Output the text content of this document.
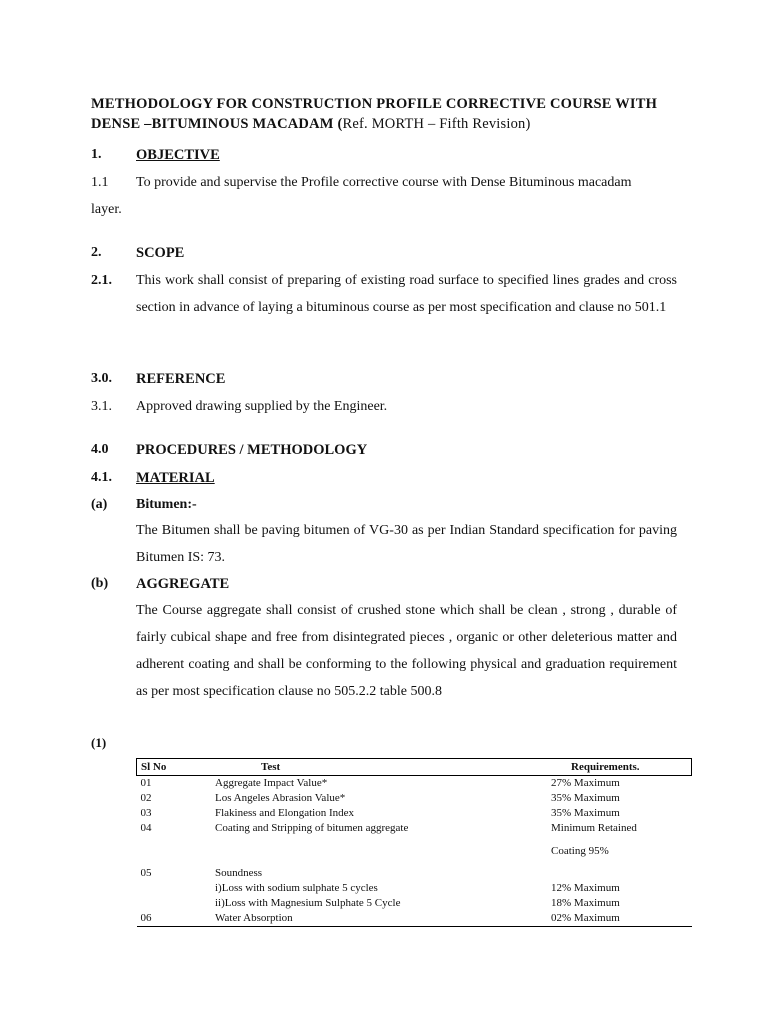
METHODOLOGY FOR CONSTRUCTION PROFILE CORRECTIVE COURSE WITH DENSE –BITUMINOUS MACADAM (Ref. MORTH – Fifth Revision)
1. OBJECTIVE
1.1 To provide and supervise the Profile corrective course with Dense Bituminous macadam
layer.
2. SCOPE
2.1. This work shall consist of preparing of existing road surface to specified lines grades and cross section in advance of laying a bituminous course as per most specification and clause no 501.1
3.0. REFERENCE
3.1. Approved drawing supplied by the Engineer.
4.0 PROCEDURES / METHODOLOGY
4.1. MATERIAL
(a) Bitumen:-
The Bitumen shall be paving bitumen of VG-30 as per Indian Standard specification for paving Bitumen IS: 73.
(b) AGGREGATE
The Course aggregate shall consist of crushed stone which shall be clean , strong , durable of fairly cubical shape and free from disintegrated pieces , organic or other deleterious matter and adherent coating and shall be conforming to the following physical and graduation requirement as per most specification clause no 505.2.2 table 500.8
(1)
Sl No	Test	Requirements.
01	Aggregate Impact Value*	27% Maximum
02	Los Angeles Abrasion Value*	35% Maximum
03	Flakiness and Elongation Index	35% Maximum
04	Coating and Stripping of bitumen aggregate	Minimum Retained
		Coating 95%
05	Soundness	
	i)Loss with sodium sulphate 5 cycles	12% Maximum
	ii)Loss with Magnesium Sulphate 5 Cycle	18% Maximum
06	Water Absorption	02% Maximum
